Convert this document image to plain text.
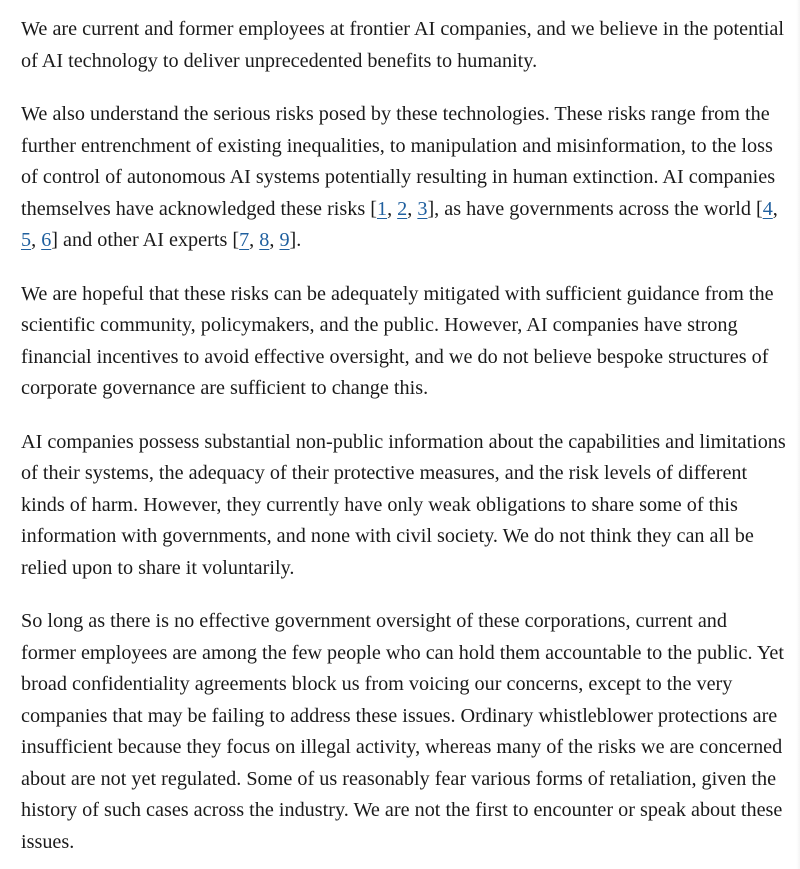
We are current and former employees at frontier AI companies, and we believe in the potential of AI technology to deliver unprecedented benefits to humanity.

We also understand the serious risks posed by these technologies. These risks range from the further entrenchment of existing inequalities, to manipulation and misinformation, to the loss of control of autonomous AI systems potentially resulting in human extinction. AI companies themselves have acknowledged these risks [1, 2, 3], as have governments across the world [4, 5, 6] and other AI experts [7, 8, 9].

We are hopeful that these risks can be adequately mitigated with sufficient guidance from the scientific community, policymakers, and the public. However, AI companies have strong financial incentives to avoid effective oversight, and we do not believe bespoke structures of corporate governance are sufficient to change this.

AI companies possess substantial non-public information about the capabilities and limitations of their systems, the adequacy of their protective measures, and the risk levels of different kinds of harm. However, they currently have only weak obligations to share some of this information with governments, and none with civil society. We do not think they can all be relied upon to share it voluntarily.

So long as there is no effective government oversight of these corporations, current and former employees are among the few people who can hold them accountable to the public. Yet broad confidentiality agreements block us from voicing our concerns, except to the very companies that may be failing to address these issues. Ordinary whistleblower protections are insufficient because they focus on illegal activity, whereas many of the risks we are concerned about are not yet regulated. Some of us reasonably fear various forms of retaliation, given the history of such cases across the industry. We are not the first to encounter or speak about these issues.
